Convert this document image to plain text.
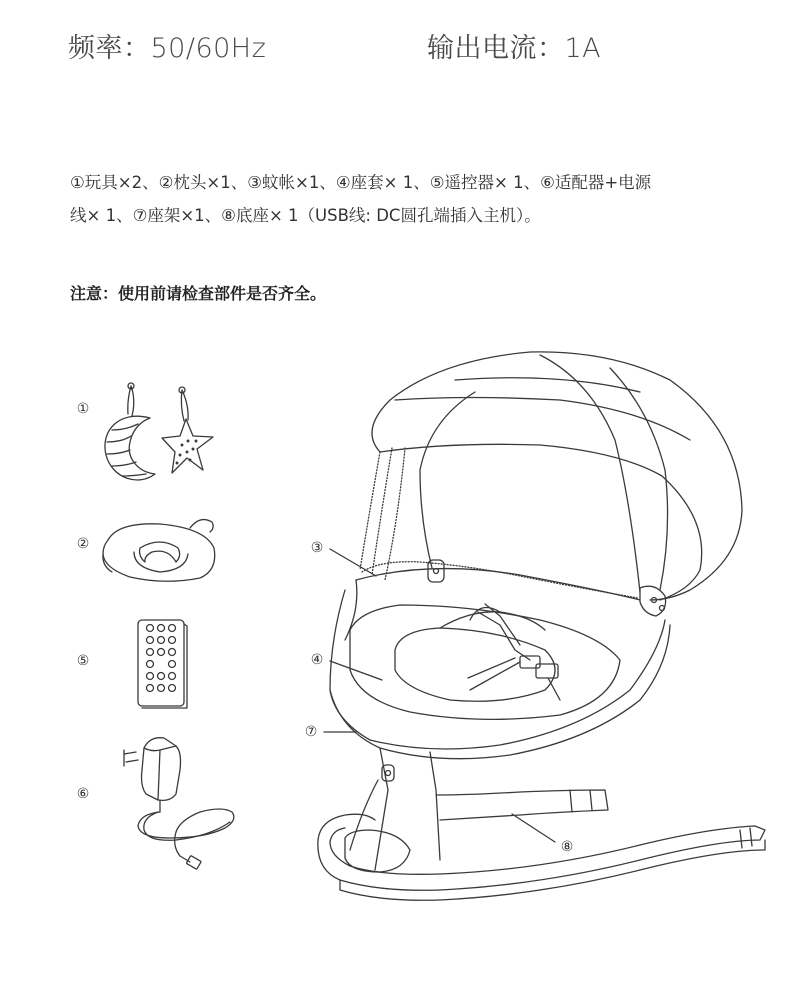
频率：50/60Hz	输出电流：1A
①玩具×2、②枕头×1、③蚊帐×1、④座套× 1、⑤遥控器× 1、⑥适配器+电源
线× 1、⑦座架×1、⑧底座× 1（USB线: DC圆孔端插入主机）。
注意：使用前请检查部件是否齐全。
①
②
⑤
⑥
③
④
⑦
⑧
